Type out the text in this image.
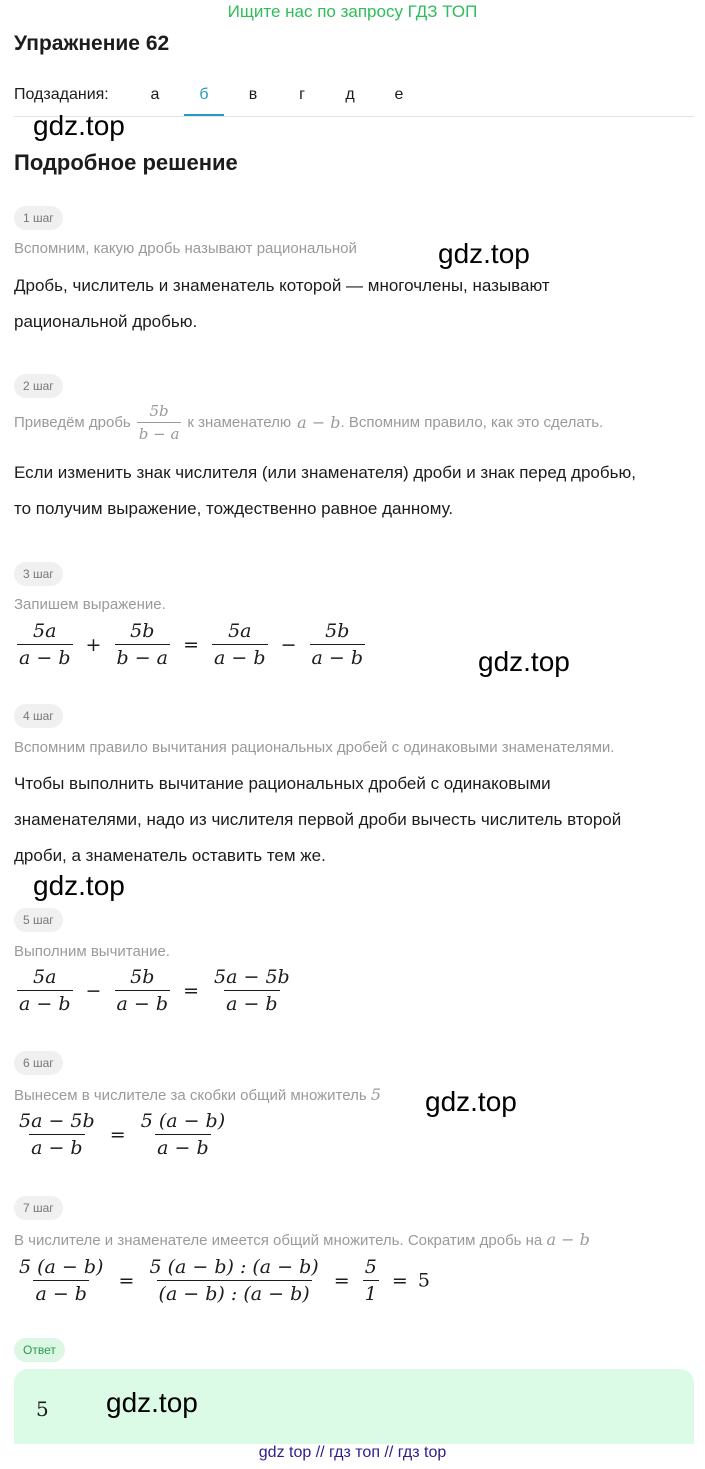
Ищите нас по запросу ГДЗ ТОП
Упражнение 62
Подзадания:	а	б	в	г	д	е
gdz.top
Подробное решение
1 шаг
Вспомним, какую дробь называют рациональной	gdz.top
Дробь, числитель и знаменатель которой — многочлены, называют
рациональной дробью.
2 шаг
Приведём дробь $\frac{5b}{b - a}$ к знаменателю a − b . Вспомним правило, как это сделать.
Если изменить знак числителя (или знаменателя) дроби и знак перед дробью,
то получим выражение, тождественно равное данному.
3 шаг
Запишем выражение.
$\frac{5a}{a - b} + \frac{5b}{b - a} = \frac{5a}{a - b} - \frac{5b}{a - b}$	gdz.top
4 шаг
Вспомним правило вычитания рациональных дробей с одинаковыми знаменателями.
Чтобы выполнить вычитание рациональных дробей с одинаковыми
знаменателями, надо из числителя первой дроби вычесть числитель второй
дроби, а знаменатель оставить тем же.
gdz.top
5 шаг
Выполним вычитание.
$\frac{5a}{a - b} - \frac{5b}{a - b} = \frac{5a - 5b}{a - b}$
6 шаг
Вынесем в числителе за скобки общий множитель 5 gdz.top
$\frac{5a - 5b}{a - b} = \frac{5 (a - b)}{a - b}$
7 шаг
В числителе и знаменателе имеется общий множитель. Сократим дробь на a − b
$\frac{5 (a - b)}{a - b} = \frac{5 (a - b) : (a - b)}{(a - b) : (a - b)} = \frac{5}{1} = 5$
Ответ
5 gdz.top
gdz top // гдз топ // гдз top
